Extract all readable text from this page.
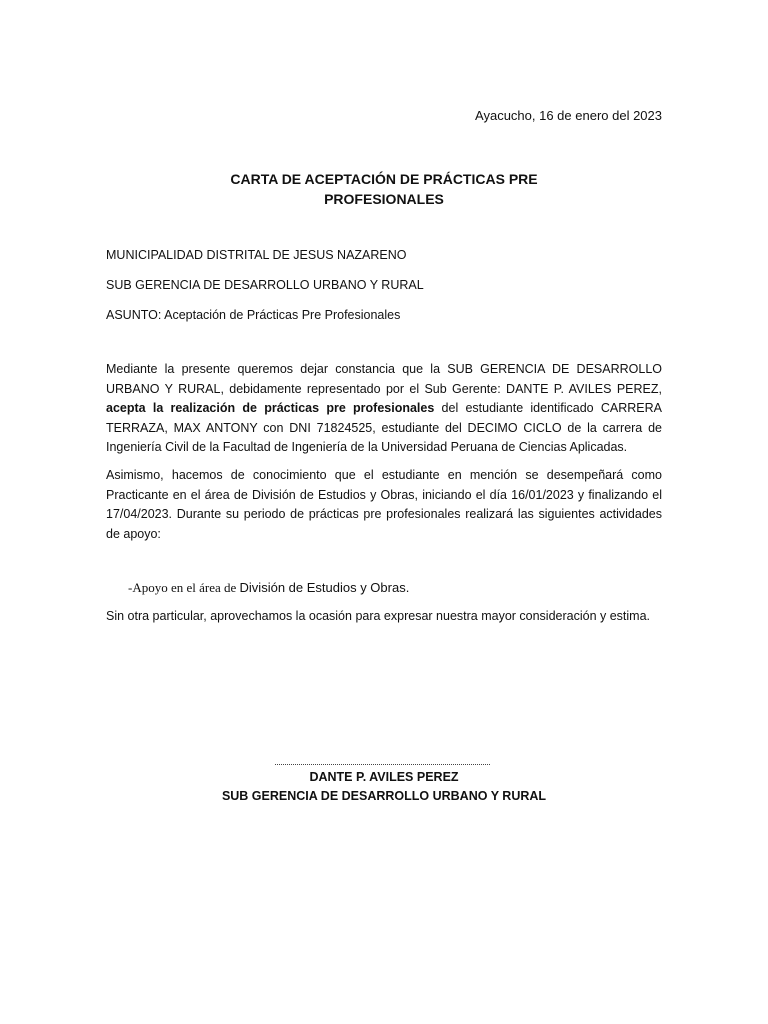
Ayacucho, 16 de enero del 2023
CARTA DE ACEPTACIÓN DE PRÁCTICAS PRE
PROFESIONALES
MUNICIPALIDAD DISTRITAL DE JESUS NAZARENO
SUB GERENCIA DE DESARROLLO URBANO Y RURAL
ASUNTO: Aceptación de Prácticas Pre Profesionales
Mediante la presente queremos dejar constancia que la SUB GERENCIA DE DESARROLLO URBANO Y RURAL, debidamente representado por el Sub Gerente: DANTE P. AVILES PEREZ, acepta la realización de prácticas pre profesionales del estudiante identificado CARRERA TERRAZA, MAX ANTONY con DNI 71824525, estudiante del DECIMO CICLO de la carrera de Ingeniería Civil de la Facultad de Ingeniería de la Universidad Peruana de Ciencias Aplicadas.
Asimismo, hacemos de conocimiento que el estudiante en mención se desempeñará como Practicante en el área de División de Estudios y Obras, iniciando el día 16/01/2023 y finalizando el 17/04/2023. Durante su periodo de prácticas pre profesionales realizará las siguientes actividades de apoyo:
-Apoyo en el área de División de Estudios y Obras.
Sin otra particular, aprovechamos la ocasión para expresar nuestra mayor consideración y estima.
DANTE P. AVILES PEREZ
SUB GERENCIA DE DESARROLLO URBANO Y RURAL
